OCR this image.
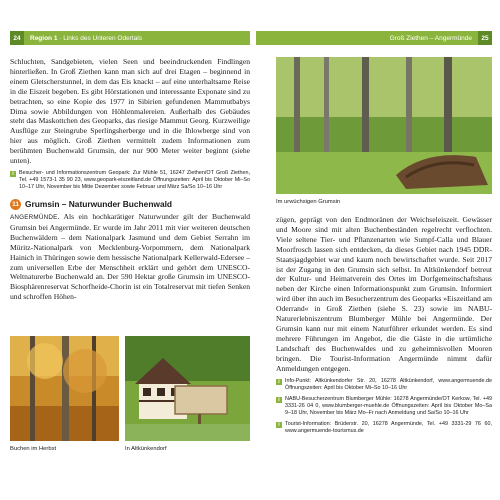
24	Region 1 · Links des Unteren Odertals	Groß Ziethen – Angermünde	25

Schluchten, Sandgebieten, vielen Seen und beeindruckenden Findlingen hinterließen. In Groß Ziethen kann man sich auf drei Etagen – beginnend in einem Gletscherstunnel, in dem das Eis knackt – auf eine unterhaltsame Reise in die Eiszeit begeben. Es gibt Hörstationen und interessante Exponate sind zu betrachten, so eine Kopie des 1977 in Sibirien gefundenen Mammutbabys Dima sowie Abbildungen von Höhlenmalereien. Außerhalb des Gebäudes steht das Maskottchen des Geoparks, das riesige Mammut Georg. Kurzweilige Ausflüge zur Steingrube Sperlingsherberge und in die Ihlowberge sind von hier aus möglich. Groß Ziethen vermittelt zudem Informationen zum berühmten Buchenwald Grumsin, der nur 900 Meter weiter beginnt (siehe unten).

i Besucher- und Informationszentrum Geopark: Zur Mühle 51, 16247 Ziethen/OT Groß Ziethen, Tel. +49 1573-1 35 90 23, www.geopark-eiszeitland.de Öffnungszeiten: April bis Oktober Mi–So 10–17 Uhr, November bis Mitte Dezember sowie Februar und März Sa/So 10–16 Uhr
11 Grumsin – Naturwunder Buchenwald

ANGERMÜNDE. Als ein hochkarätiger Naturwunder gilt der Buchenwald Grumsin bei Angermünde. Er wurde im Jahr 2011 mit vier weiteren deutschen Buchenwäldern – dem Nationalpark Jasmund und dem Gebiet Serrahn im Müritz-Nationalpark von Mecklenburg-Vorpommern, dem Nationalpark Hainich in Thüringen sowie dem hessische Nationalpark Kellerwald-Edersee – zum universellen Erbe der Menschheit erklärt und gehört dem UNESCO-Weltnaturerbe Buchenwald an. Der 590 Hektar große Grumsin im UNESCO-Biosphärenreservat Schorfheide-Chorin ist ein Totalreservat mit tiefen Senken und schroffen Höhen-

Buchen im Herbst	In Altkünkendorf
Im urwüchsigen Grumsin

zügen, geprägt von den Endmoränen der Weichseleiszeit. Gewässer und Moore sind mit alten Buchenbeständen regelrecht verflochten. Viele seltene Tier- und Pflanzenarten wie Sumpf-Calla und Blauer Moorfrosch lassen sich entdecken, da dieses Gebiet nach 1945 DDR-Staatsjagdgebiet war und kaum noch bewirtschaftet wurde. Seit 2017 ist der Zugang in den Grumsin sich selbst. In Altkünkendorf betreut der Kultur- und Heimatverein des Ortes im Dorfgemeinschaftshaus neben der Kirche einen Informationspunkt zum Grumsin. Informiert wird über ihn auch im Besucherzentrum des Geoparks »Eiszeitland am Oderrand« in Groß Ziethen (siehe S. 23) sowie im NABU-Naturerlebniszentrum Blumberger Mühle bei Angermünde. Der Grumsin kann nur mit einem Naturführer erkundet werden. Es sind mehrere Führungen im Angebot, die die Gäste in die urtümliche Landschaft des Buchenwaldes und zu geheimnisvollen Mooren bringen. Die Tourist-Information Angermünde nimmt dafür Anmeldungen entgegen.

i Info-Punkt: Altkünkendorfer Str. 20, 16278 Altkünkendorf, www.angermuende.de Öffnungszeiten: April bis Oktober Mi–So 10–16 Uhr
i NABU-Besucherzentrum Blumberger Mühle: 16278 Angermünde/OT Kerkow, Tel. +49 3331-26 04 0, www.blumberger-muehle.de Öffnungszeiten: April bis Oktober Mo–Sa 9–18 Uhr, November bis März Mo–Fr nach Anmeldung und Sa/So 10–16 Uhr
i Tourist-Information: Brüderstr. 20, 16278 Angermünde, Tel. +49 3331-29 76 60, www.angermuende-tourismus.de
